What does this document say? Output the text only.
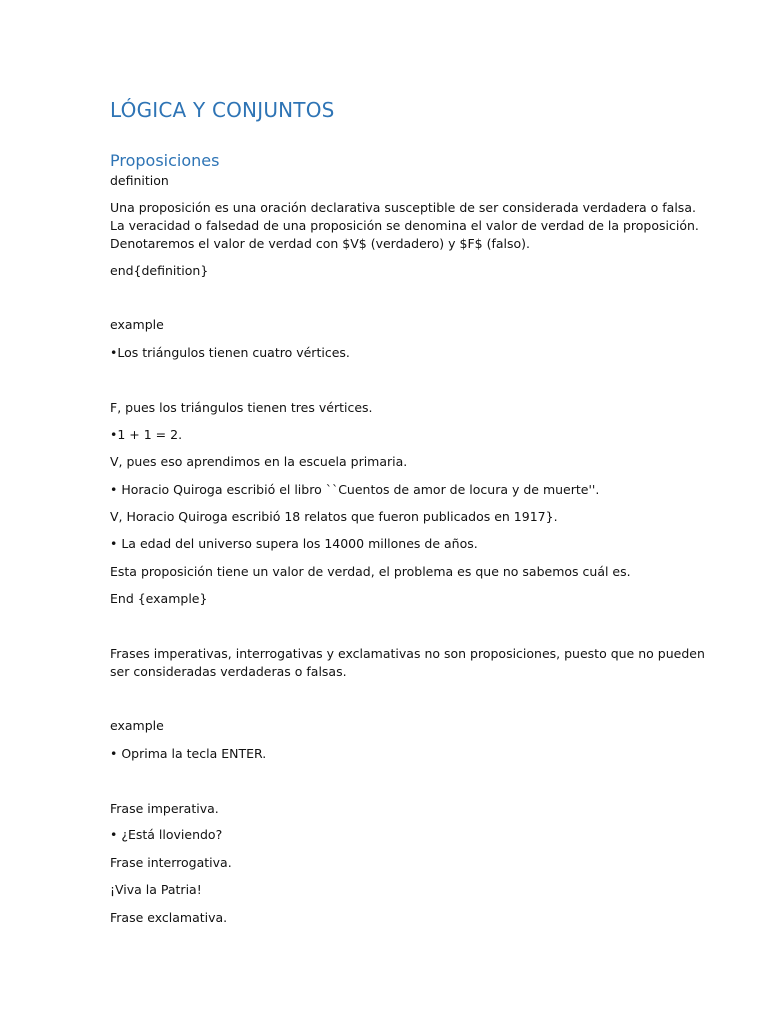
LÓGICA Y CONJUNTOS
Proposiciones
definition
Una proposición es una oración declarativa susceptible de ser considerada verdadera o falsa.
La veracidad o falsedad de una proposición se denomina el valor de verdad de la proposición.
Denotaremos el valor de verdad con $V$ (verdadero) y $F$ (falso).
end{definition}
example
•Los triángulos tienen cuatro vértices.
F, pues los triángulos tienen tres vértices.
•1 + 1 = 2.
V, pues eso aprendimos en la escuela primaria.
• Horacio Quiroga escribió el libro ``Cuentos de amor de locura y de muerte''.
V, Horacio Quiroga escribió 18 relatos que fueron publicados en 1917}.
• La edad del universo supera los 14000 millones de años.
Esta proposición tiene un valor de verdad, el problema es que no sabemos cuál es.
End {example}
Frases imperativas, interrogativas y exclamativas no son proposiciones, puesto que no pueden
ser consideradas verdaderas o falsas.
example
• Oprima la tecla ENTER.
Frase imperativa.
• ¿Está lloviendo?
Frase interrogativa.
¡Viva la Patria!
Frase exclamativa.
